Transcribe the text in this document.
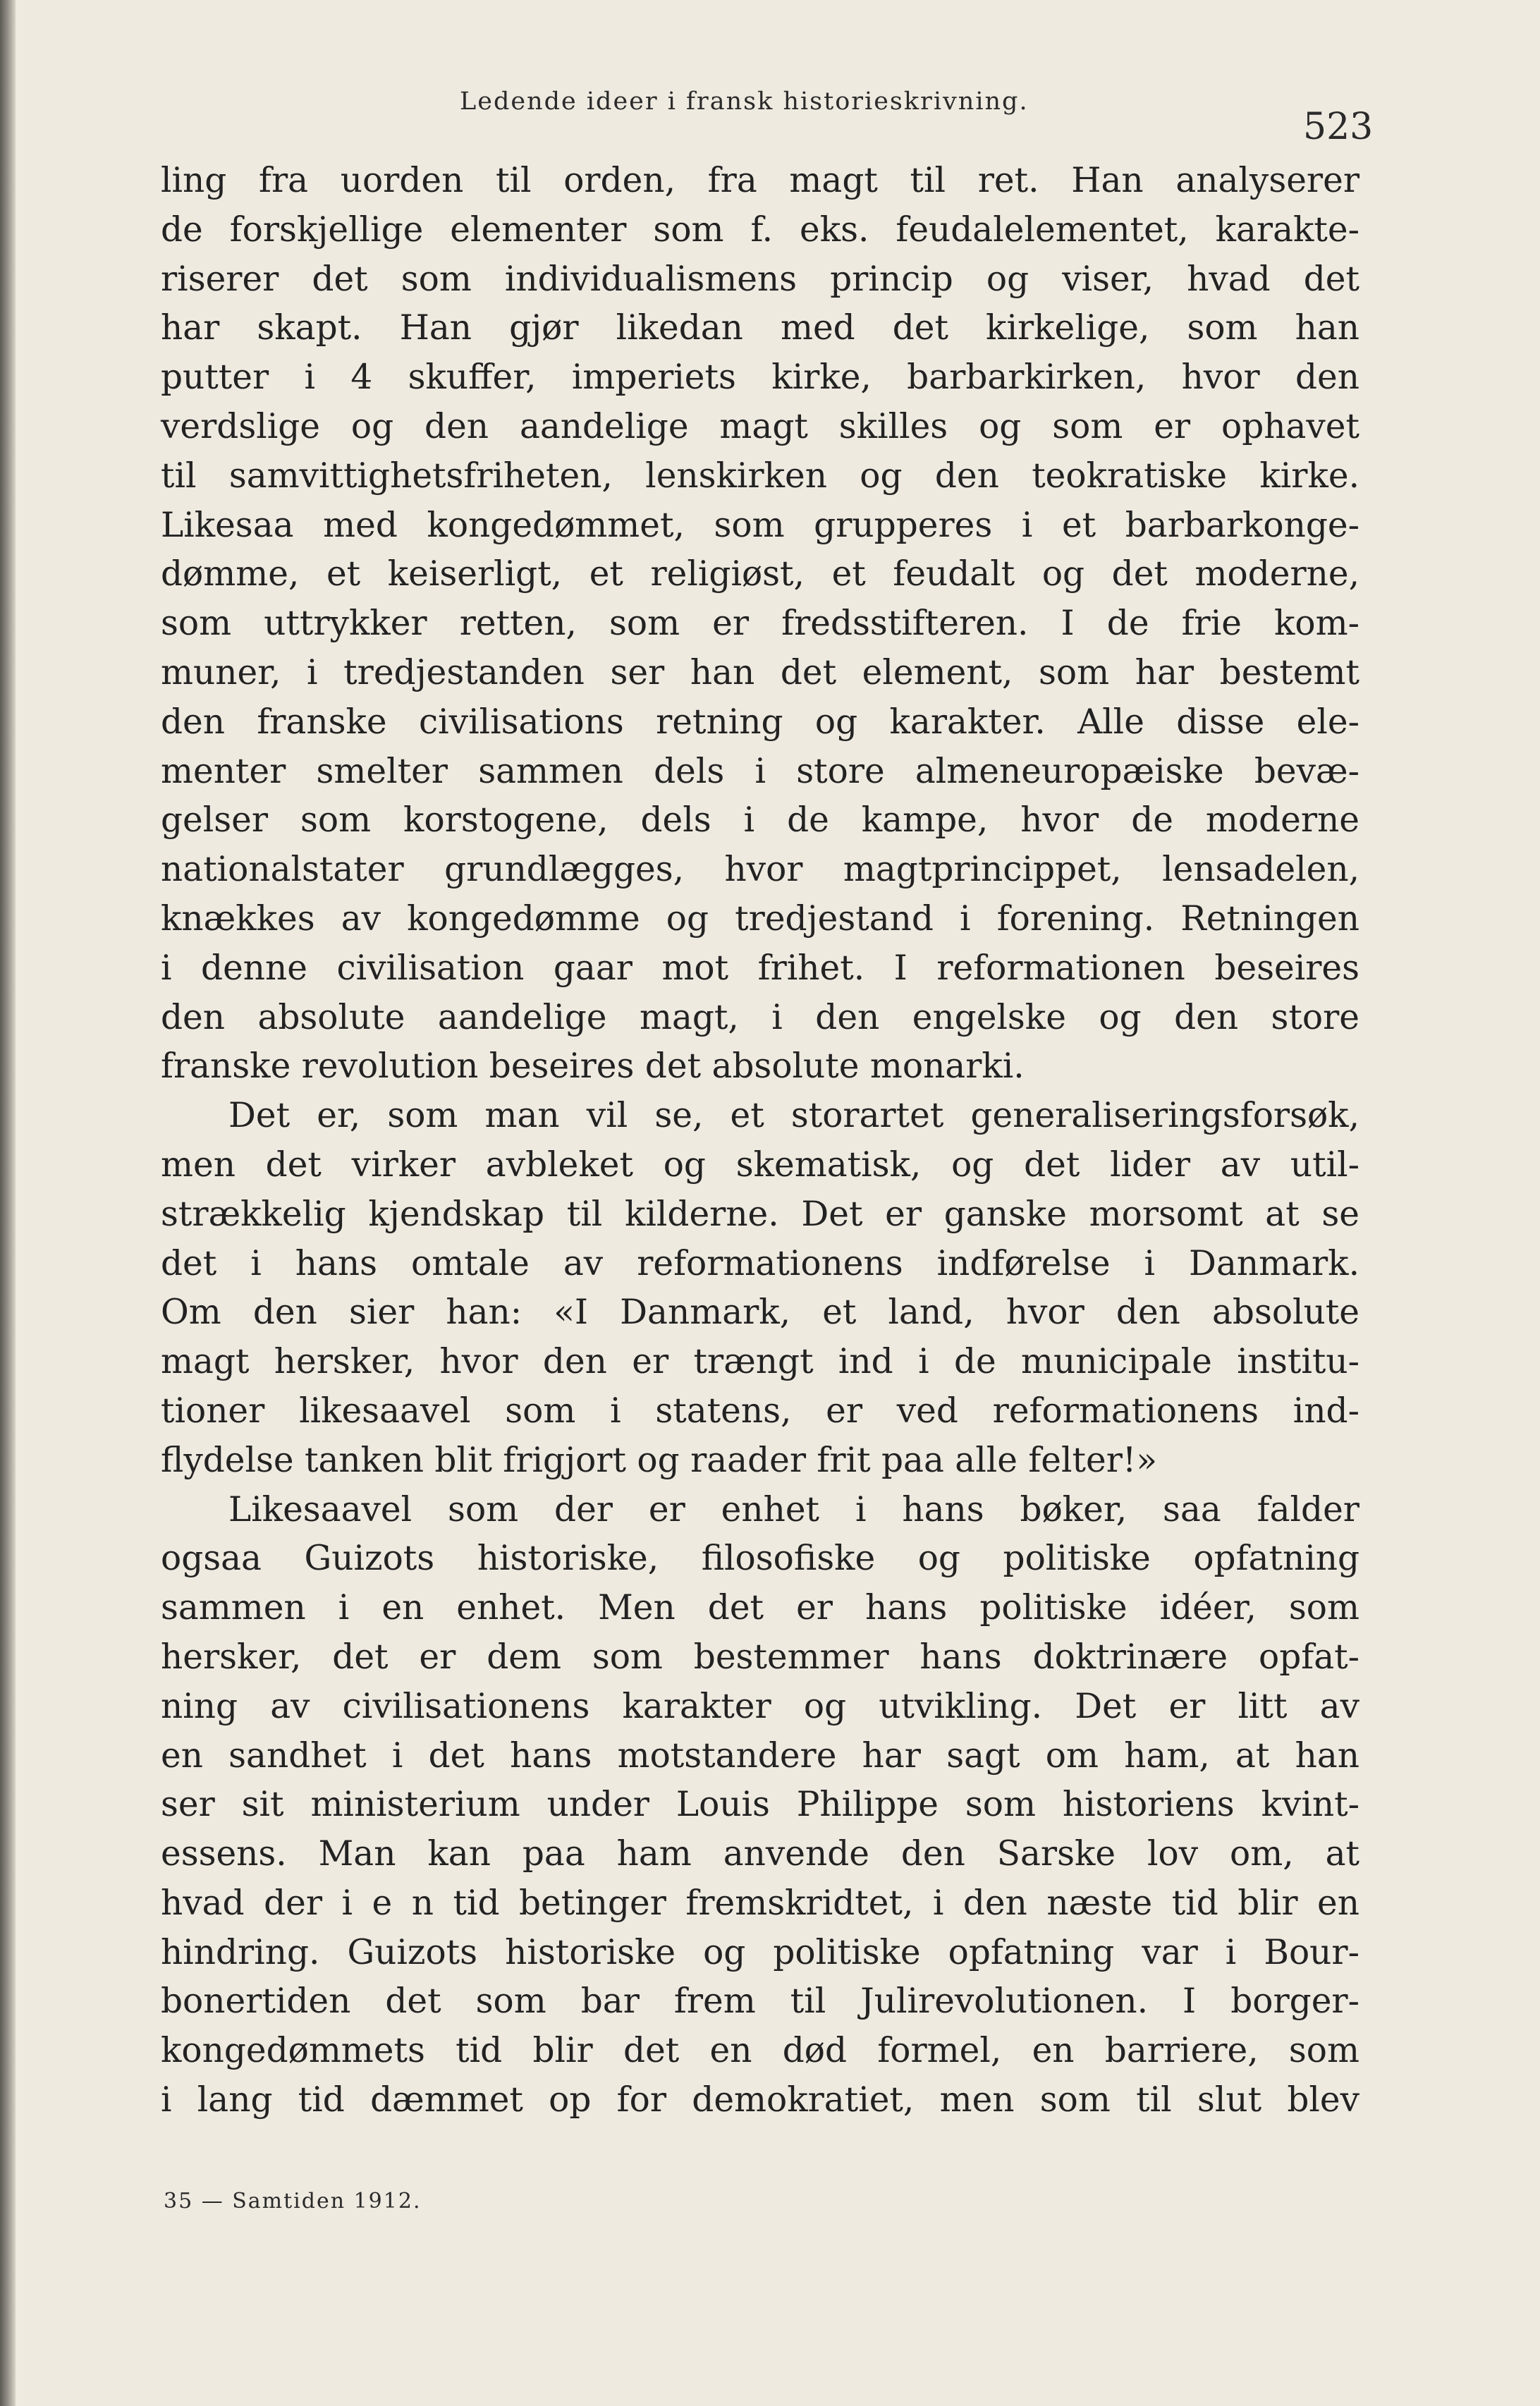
Ledende ideer i fransk historieskrivning.
523
ling fra uorden til orden, fra magt til ret. Han analyserer
de forskjellige elementer som f. eks. feudalelementet, karakte-
riserer det som individualismens princip og viser, hvad det
har skapt. Han gjør likedan med det kirkelige, som han
putter i 4 skuffer, imperiets kirke, barbarkirken, hvor den
verdslige og den aandelige magt skilles og som er ophavet
til samvittighetsfriheten, lenskirken og den teokratiske kirke.
Likesaa med kongedømmet, som grupperes i et barbarkonge-
dømme, et keiserligt, et religiøst, et feudalt og det moderne,
som uttrykker retten, som er fredsstifteren. I de frie kom-
muner, i tredjestanden ser han det element, som har bestemt
den franske civilisations retning og karakter. Alle disse ele-
menter smelter sammen dels i store almeneuropæiske bevæ-
gelser som korstogene, dels i de kampe, hvor de moderne
nationalstater grundlægges, hvor magtprincippet, lensadelen,
knækkes av kongedømme og tredjestand i forening. Retningen
i denne civilisation gaar mot frihet. I reformationen beseires
den absolute aandelige magt, i den engelske og den store
franske revolution beseires det absolute monarki.
Det er, som man vil se, et storartet generaliseringsforsøk,
men det virker avbleket og skematisk, og det lider av util-
strækkelig kjendskap til kilderne. Det er ganske morsomt at se
det i hans omtale av reformationens indførelse i Danmark.
Om den sier han: «I Danmark, et land, hvor den absolute
magt hersker, hvor den er trængt ind i de municipale institu-
tioner likesaavel som i statens, er ved reformationens ind-
flydelse tanken blit frigjort og raader frit paa alle felter!»
Likesaavel som der er enhet i hans bøker, saa falder
ogsaa Guizots historiske, filosofiske og politiske opfatning
sammen i en enhet. Men det er hans politiske idéer, som
hersker, det er dem som bestemmer hans doktrinære opfat-
ning av civilisationens karakter og utvikling. Det er litt av
en sandhet i det hans motstandere har sagt om ham, at han
ser sit ministerium under Louis Philippe som historiens kvint-
essens. Man kan paa ham anvende den Sarske lov om, at
hvad der i e n tid betinger fremskridtet, i den næste tid blir en
hindring. Guizots historiske og politiske opfatning var i Bour-
bonertiden det som bar frem til Julirevolutionen. I borger-
kongedømmets tid blir det en død formel, en barriere, som
i lang tid dæmmet op for demokratiet, men som til slut blev
35 — Samtiden 1912.
